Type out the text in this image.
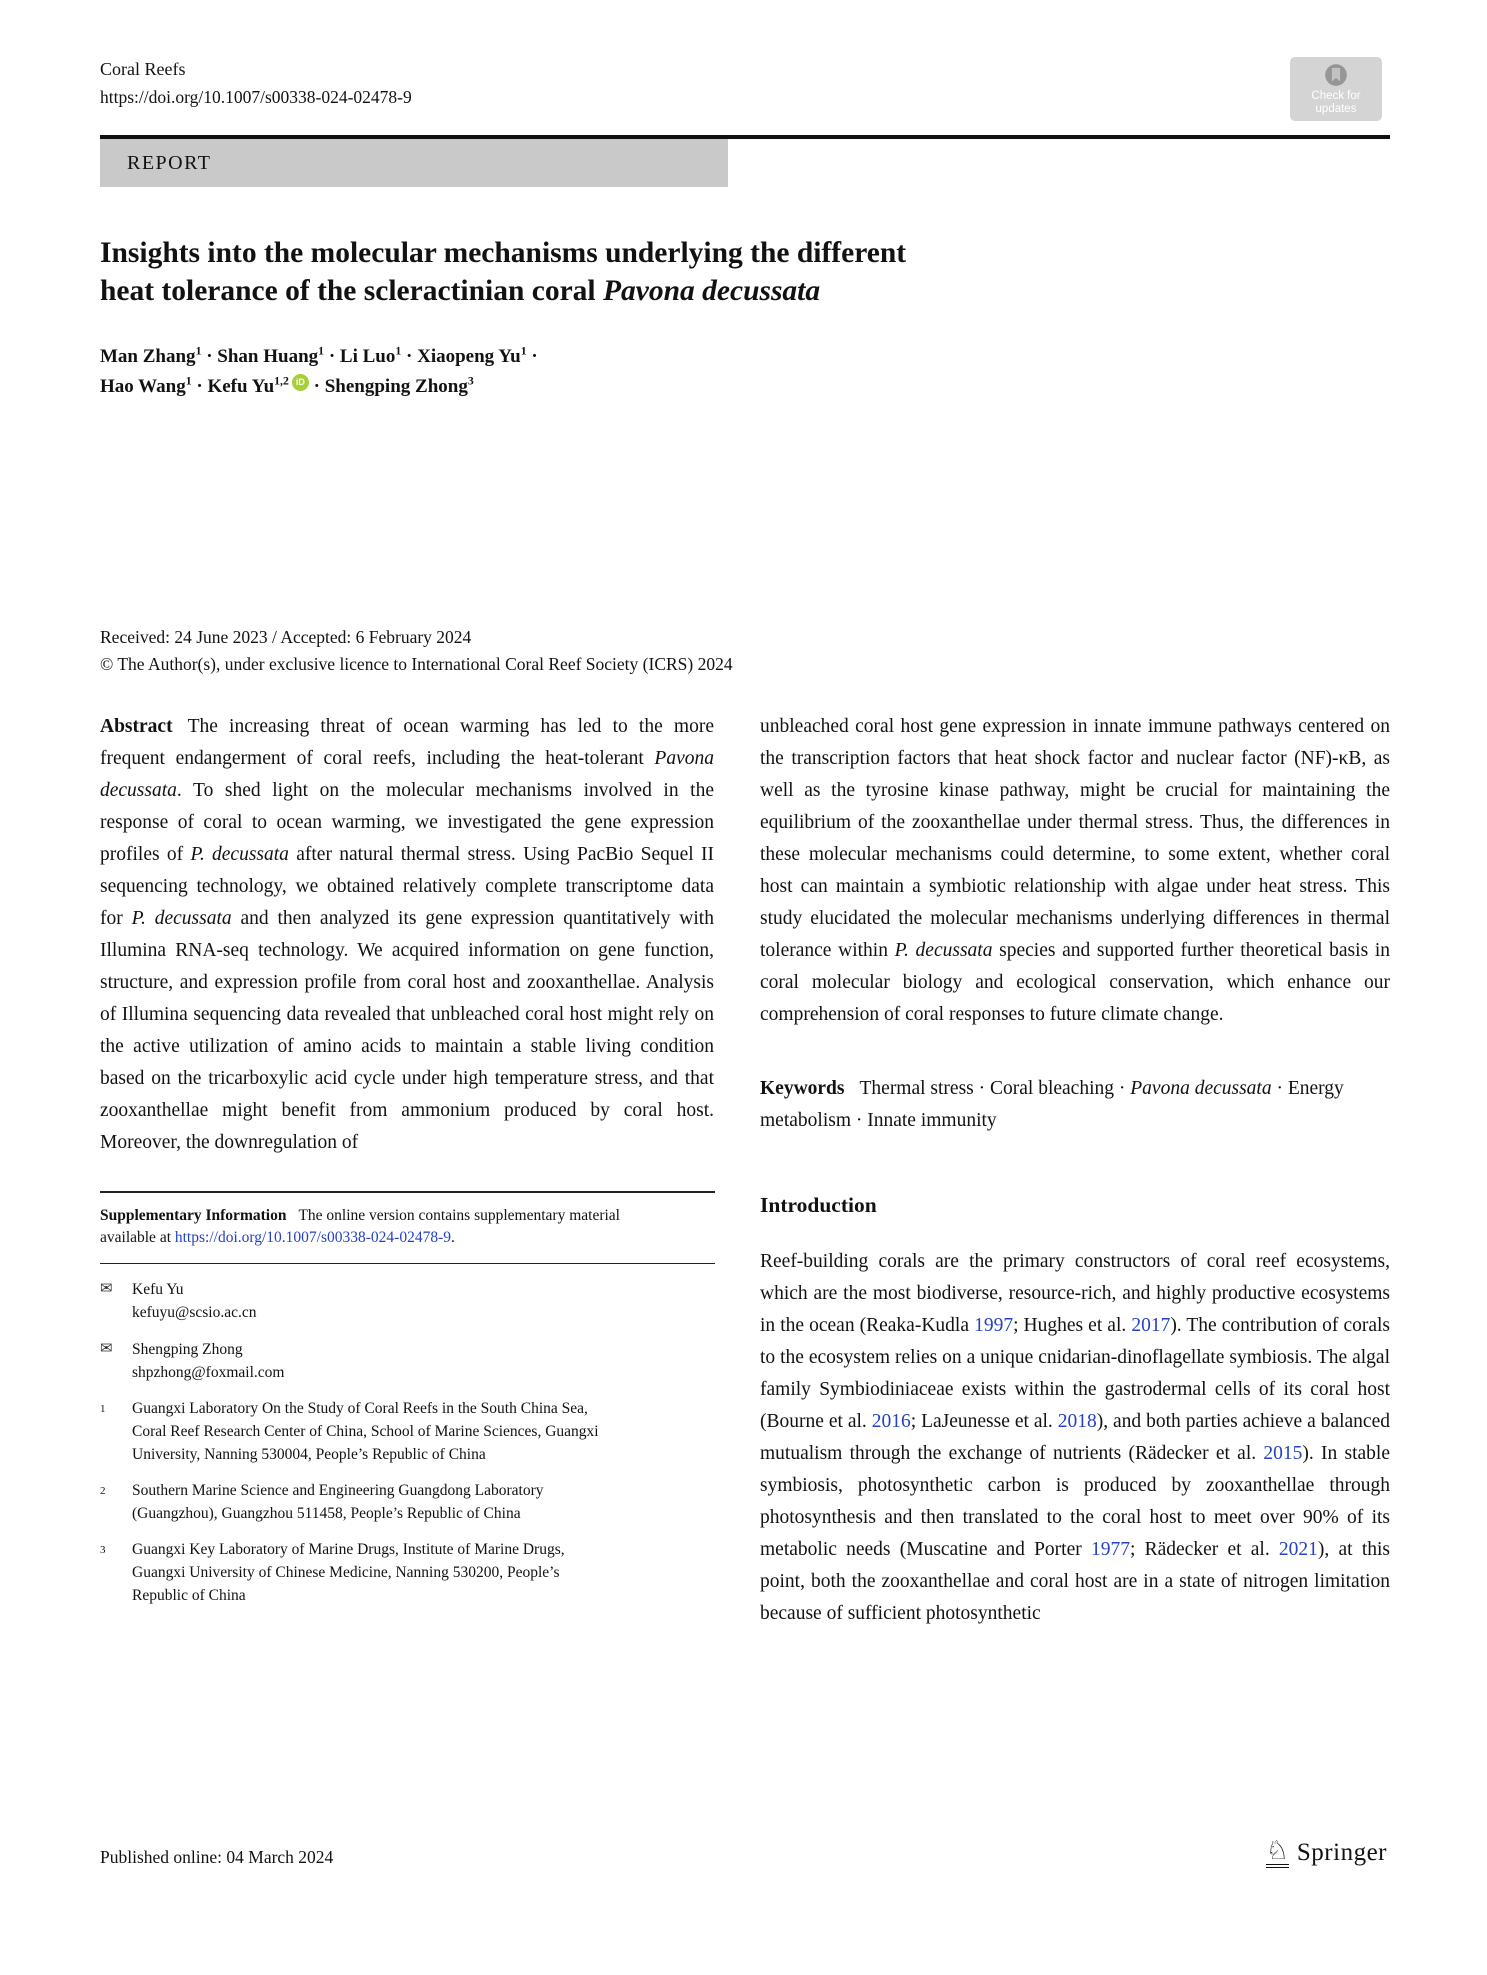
Coral Reefs
https://doi.org/10.1007/s00338-024-02478-9	Check for
updates
REPORT
Insights into the molecular mechanisms underlying the different
heat tolerance of the scleractinian coral Pavona decussata
Man Zhang$^1$ · Shan Huang$^1$ · Li Luo$^1$ · Xiaopeng $Yu^1$ ·
Hao Wang$^1$ · Kefu Yu$^{1,2}$ iD · Shengping Zhong$^3$
Received: 24 June 2023 / Accepted: 6 February 2024
© The Author(s), under exclusive licence to International Coral Reef Society (ICRS) 2024

Abstract The increasing threat of ocean warming has led to the more frequent endangerment of coral reefs, including the heat-tolerant Pavona decussata. To shed light on the molecular mechanisms involved in the response of coral to ocean warming, we investigated the gene expression profiles of P. decussata after natural thermal stress. Using PacBio Sequel II sequencing technology, we obtained relatively complete transcriptome data for P. decussata and then analyzed its gene expression quantitatively with Illumina RNA-seq technology. We acquired information on gene function, structure, and expression profile from coral host and zooxanthellae. Analysis of Illumina sequencing data revealed that unbleached coral host might rely on the active utilization of amino acids to maintain a stable living condition based on the tricarboxylic acid cycle under high temperature stress, and that zooxanthellae might benefit from ammonium produced by coral host. Moreover, the downregulation of

Supplementary Information The online version contains supplementary material available at https://doi.org/10.1007/s00338-024-02478-9.

✉	Kefu Yu
kefuyu@scsio.ac.cn
✉	Shengping Zhong
shpzhong@foxmail.com
1	Guangxi Laboratory On the Study of Coral Reefs in the South China Sea, Coral Reef Research Center of China, School of Marine Sciences, Guangxi University, Nanning 530004, People’s Republic of China
2	Southern Marine Science and Engineering Guangdong Laboratory (Guangzhou), Guangzhou 511458, People’s Republic of China
3	Guangxi Key Laboratory of Marine Drugs, Institute of Marine Drugs, Guangxi University of Chinese Medicine, Nanning 530200, People’s Republic of China

unbleached coral host gene expression in innate immune pathways centered on the transcription factors that heat shock factor and nuclear factor (NF)-κB, as well as the tyrosine kinase pathway, might be crucial for maintaining the equilibrium of the zooxanthellae under thermal stress. Thus, the differences in these molecular mechanisms could determine, to some extent, whether coral host can maintain a symbiotic relationship with algae under heat stress. This study elucidated the molecular mechanisms underlying differences in thermal tolerance within P. decussata species and supported further theoretical basis in coral molecular biology and ecological conservation, which enhance our comprehension of coral responses to future climate change.

Keywords Thermal stress · Coral bleaching · Pavona decussata · Energy metabolism · Innate immunity

Introduction

Reef-building corals are the primary constructors of coral reef ecosystems, which are the most biodiverse, resource-rich, and highly productive ecosystems in the ocean (Reaka-Kudla 1997; Hughes et al. 2017). The contribution of corals to the ecosystem relies on a unique cnidarian-dinoflagellate symbiosis. The algal family Symbiodiniaceae exists within the gastrodermal cells of its coral host (Bourne et al. 2016; LaJeunesse et al. 2018), and both parties achieve a balanced mutualism through the exchange of nutrients (Rädecker et al. 2015). In stable symbiosis, photosynthetic carbon is produced by zooxanthellae through photosynthesis and then translated to the coral host to meet over 90% of its metabolic needs (Muscatine and Porter 1977; Rädecker et al. 2021), at this point, both the zooxanthellae and coral host are in a state of nitrogen limitation because of sufficient photosynthetic

Published online: 04 March 2024	♘ Springer
